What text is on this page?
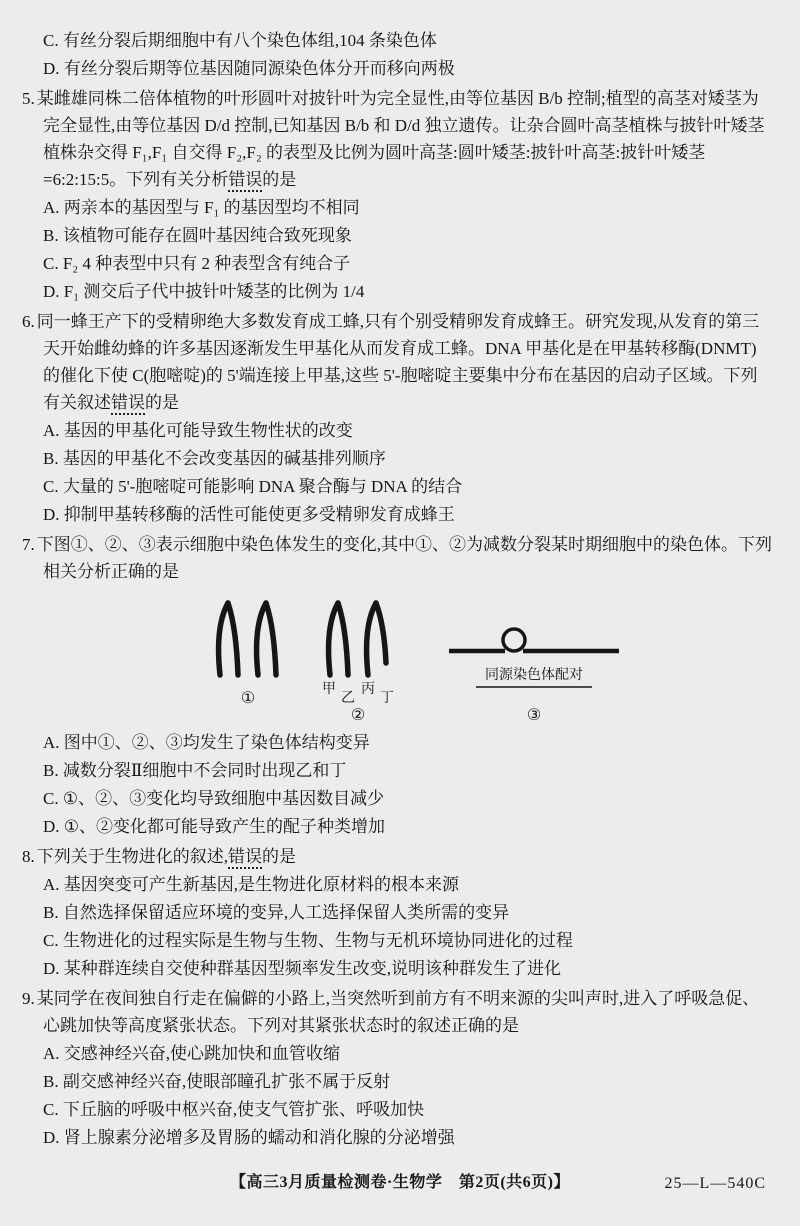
C. 有丝分裂后期细胞中有八个染色体组,104 条染色体

D. 有丝分裂后期等位基因随同源染色体分开而移向两极

5. 某雌雄同株二倍体植物的叶形圆叶对披针叶为完全显性,由等位基因 B/b 控制;植型的高茎对矮茎为完全显性,由等位基因 D/d 控制,已知基因 B/b 和 D/d 独立遗传。让杂合圆叶高茎植株与披针叶矮茎植株杂交得 F₁,F₁ 自交得 F₂,F₂ 的表型及比例为圆叶高茎:圆叶矮茎:披针叶高茎:披针叶矮茎=6:2:15:5。下列有关分析错误的是

A. 两亲本的基因型与 F₁ 的基因型均不相同

B. 该植物可能存在圆叶基因纯合致死现象

C. F₂ 4 种表型中只有 2 种表型含有纯合子

D. F₁ 测交后子代中披针叶矮茎的比例为 1/4

6. 同一蜂王产下的受精卵绝大多数发育成工蜂,只有个别受精卵发育成蜂王。研究发现,从发育的第三天开始雌幼蜂的许多基因逐渐发生甲基化从而发育成工蜂。DNA 甲基化是在甲基转移酶(DNMT)的催化下使 C(胞嘧啶)的 5'端连接上甲基,这些 5'-胞嘧啶主要集中分布在基因的启动子区域。下列有关叙述错误的是

A. 基因的甲基化可能导致生物性状的改变

B. 基因的甲基化不会改变基因的碱基排列顺序

C. 大量的 5'-胞嘧啶可能影响 DNA 聚合酶与 DNA 的结合

D. 抑制甲基转移酶的活性可能使更多受精卵发育成蜂王

7. 下图①、②、③表示细胞中染色体发生的变化,其中①、②为减数分裂某时期细胞中的染色体。下列相关分析正确的是

①
甲
乙
丙
丁
②
同源染色体配对
③

A. 图中①、②、③均发生了染色体结构变异

B. 减数分裂Ⅱ细胞中不会同时出现乙和丁

C. ①、②、③变化均导致细胞中基因数目减少

D. ①、②变化都可能导致产生的配子种类增加

8. 下列关于生物进化的叙述,错误的是

A. 基因突变可产生新基因,是生物进化原材料的根本来源

B. 自然选择保留适应环境的变异,人工选择保留人类所需的变异

C. 生物进化的过程实际是生物与生物、生物与无机环境协同进化的过程

D. 某种群连续自交使种群基因型频率发生改变,说明该种群发生了进化

9. 某同学在夜间独自行走在偏僻的小路上,当突然听到前方有不明来源的尖叫声时,进入了呼吸急促、心跳加快等高度紧张状态。下列对其紧张状态时的叙述正确的是

A. 交感神经兴奋,使心跳加快和血管收缩

B. 副交感神经兴奋,使眼部瞳孔扩张不属于反射

C. 下丘脑的呼吸中枢兴奋,使支气管扩张、呼吸加快

D. 肾上腺素分泌增多及胃肠的蠕动和消化腺的分泌增强

【高三3月质量检测卷·生物学　第2页(共6页)】	25—L—540C
